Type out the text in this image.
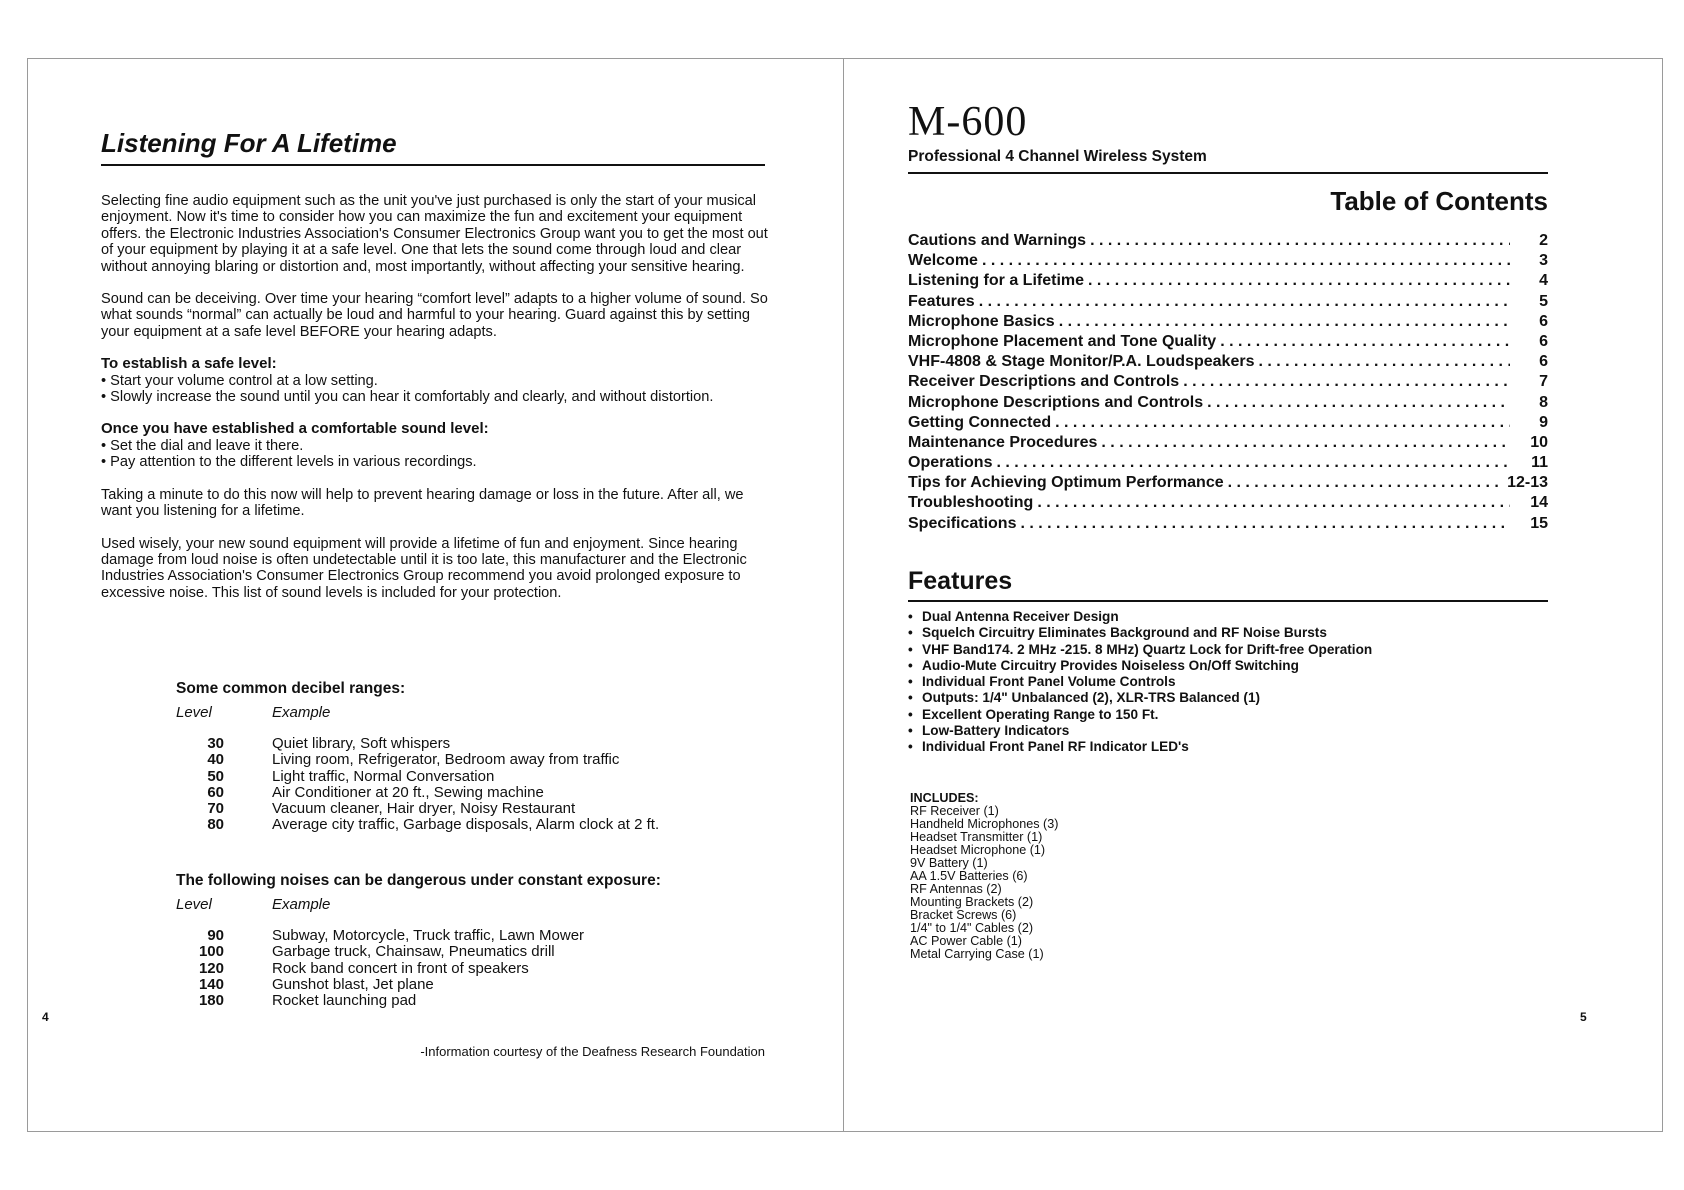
Listening For A Lifetime

Selecting fine audio equipment such as the unit you've just purchased is only the start of your musical enjoyment. Now it's time to consider how you can maximize the fun and excitement your equipment offers. the Electronic Industries Association's Consumer Electronics Group want you to get the most out of your equipment by playing it at a safe level. One that lets the sound come through loud and clear without annoying blaring or distortion and, most importantly, without affecting your sensitive hearing.

Sound can be deceiving. Over time your hearing “comfort level” adapts to a higher volume of sound. So what sounds “normal” can actually be loud and harmful to your hearing. Guard against this by setting your equipment at a safe level BEFORE your hearing adapts.

To establish a safe level:
• Start your volume control at a low setting.
• Slowly increase the sound until you can hear it comfortably and clearly, and without distortion.
Once you have established a comfortable sound level:
• Set the dial and leave it there.
• Pay attention to the different levels in various recordings.

Taking a minute to do this now will help to prevent hearing damage or loss in the future. After all, we want you listening for a lifetime.

Used wisely, your new sound equipment will provide a lifetime of fun and enjoyment. Since hearing damage from loud noise is often undetectable until it is too late, this manufacturer and the Electronic Industries Association's Consumer Electronics Group recommend you avoid prolonged exposure to excessive noise. This list of sound levels is included for your protection.

Some common decibel ranges:
Level	Example
30	Quiet library, Soft whispers
40	Living room, Refrigerator, Bedroom away from traffic
50	Light traffic, Normal Conversation
60	Air Conditioner at 20 ft., Sewing machine
70	Vacuum cleaner, Hair dryer, Noisy Restaurant
80	Average city traffic, Garbage disposals, Alarm clock at 2 ft.
The following noises can be dangerous under constant exposure:
Level	Example
90	Subway, Motorcycle, Truck traffic, Lawn Mower
100	Garbage truck, Chainsaw, Pneumatics drill
120	Rock band concert in front of speakers
140	Gunshot blast, Jet plane
180	Rocket launching pad
-Information courtesy of the Deafness Research Foundation
4
M-600
Professional 4 Channel Wireless System
Table of Contents
Cautions and Warnings . . .	2
Welcome . . .	3
Listening for a Lifetime . . .	4
Features . . .	5
Microphone Basics . . .	6
Microphone Placement and Tone Quality . . .	6
VHF-4808 & Stage Monitor/P.A. Loudspeakers . . .	6
Receiver Descriptions and Controls . . .	7
Microphone Descriptions and Controls . . .	8
Getting Connected . . .	9
Maintenance Procedures . . .	10
Operations . . .	11
Tips for Achieving Optimum Performance . . .	12-13
Troubleshooting . . .	14
Specifications . . .	15
Features
• Dual Antenna Receiver Design
• Squelch Circuitry Eliminates Background and RF Noise Bursts
• VHF Band174. 2 MHz -215. 8 MHz) Quartz Lock for Drift-free Operation
• Audio-Mute Circuitry Provides Noiseless On/Off Switching
• Individual Front Panel Volume Controls
• Outputs: 1/4" Unbalanced (2), XLR-TRS Balanced (1)
• Excellent Operating Range to 150 Ft.
• Low-Battery Indicators
• Individual Front Panel RF Indicator LED's
INCLUDES:
RF Receiver (1)
Handheld Microphones (3)
Headset Transmitter (1)
Headset Microphone (1)
9V Battery (1)
AA 1.5V Batteries (6)
RF Antennas (2)
Mounting Brackets (2)
Bracket Screws (6)
1/4" to 1/4" Cables (2)
AC Power Cable (1)
Metal Carrying Case (1)
5
